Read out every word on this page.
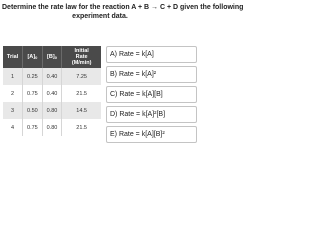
Determine the rate law for the reaction A + B → C + D given the following
experiment data.
Trial	$[A]_0$	$[B]_0$	Initial
Rate
(M/min)
1	0.25	0.40	7.25
2	0.75	0.40	21.5
3	0.50	0.80	14.5
4	0.75	0.80	21.5
A) Rate = k[A]
B) Rate = k[A]²
C) Rate = k[A][B]
D) Rate = k[A]²[B]
E) Rate = k[A][B]²
